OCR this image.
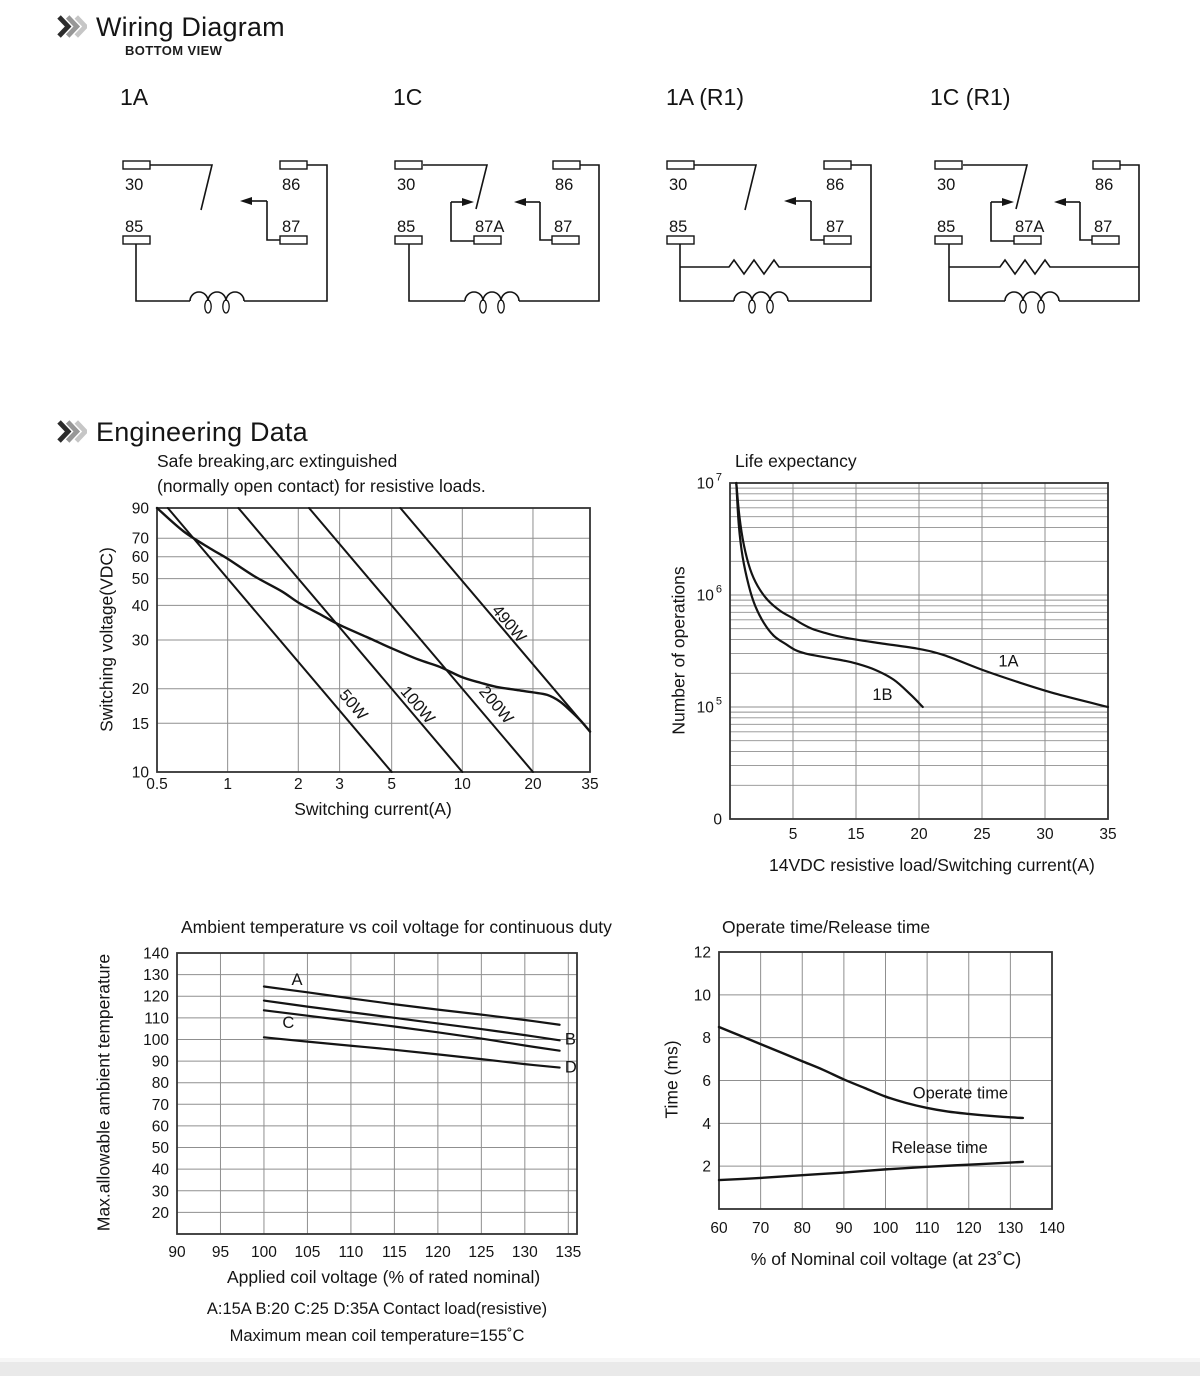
Wiring Diagram
BOTTOM VIEW
1A	1C	1A (R1)	1C (R1)
30	86
85	87
30	86
85	87A	87
30	86
85	87
30	86
85	87A	87
Engineering Data
0.5	1	2 3	5	10	20	35
90
70
60
50
40
30
20
15
10
50W 100W 200W
490W
5	15	20	25	30	35
10 $^7$
10 $^6$
10 $^5$
0
1A
1B
90 95 100 105 110 115 120 125 130 135
140
130
120
110
100
90
80
70
60
50
40
30
20
A
B
C
D
60 70 80 90 100 110 120 130 140
12
10
8
6
4
2
Operate time
Release time
Safe breaking,arc extinguished
(normally open contact) for resistive loads.
Switching voltage(VDC)
Switching current(A)
Life expectancy
Number of operations
14VDC resistive load/Switching current(A)
Ambient temperature vs coil voltage for continuous duty
Max.allowable ambient temperature
Applied coil voltage (% of rated nominal)
A:15A B:20 C:25 D:35A Contact load(resistive)
Maximum mean coil temperature=155˚C
Operate time/Release time
Time (ms)
% of Nominal coil voltage (at 23˚C)
